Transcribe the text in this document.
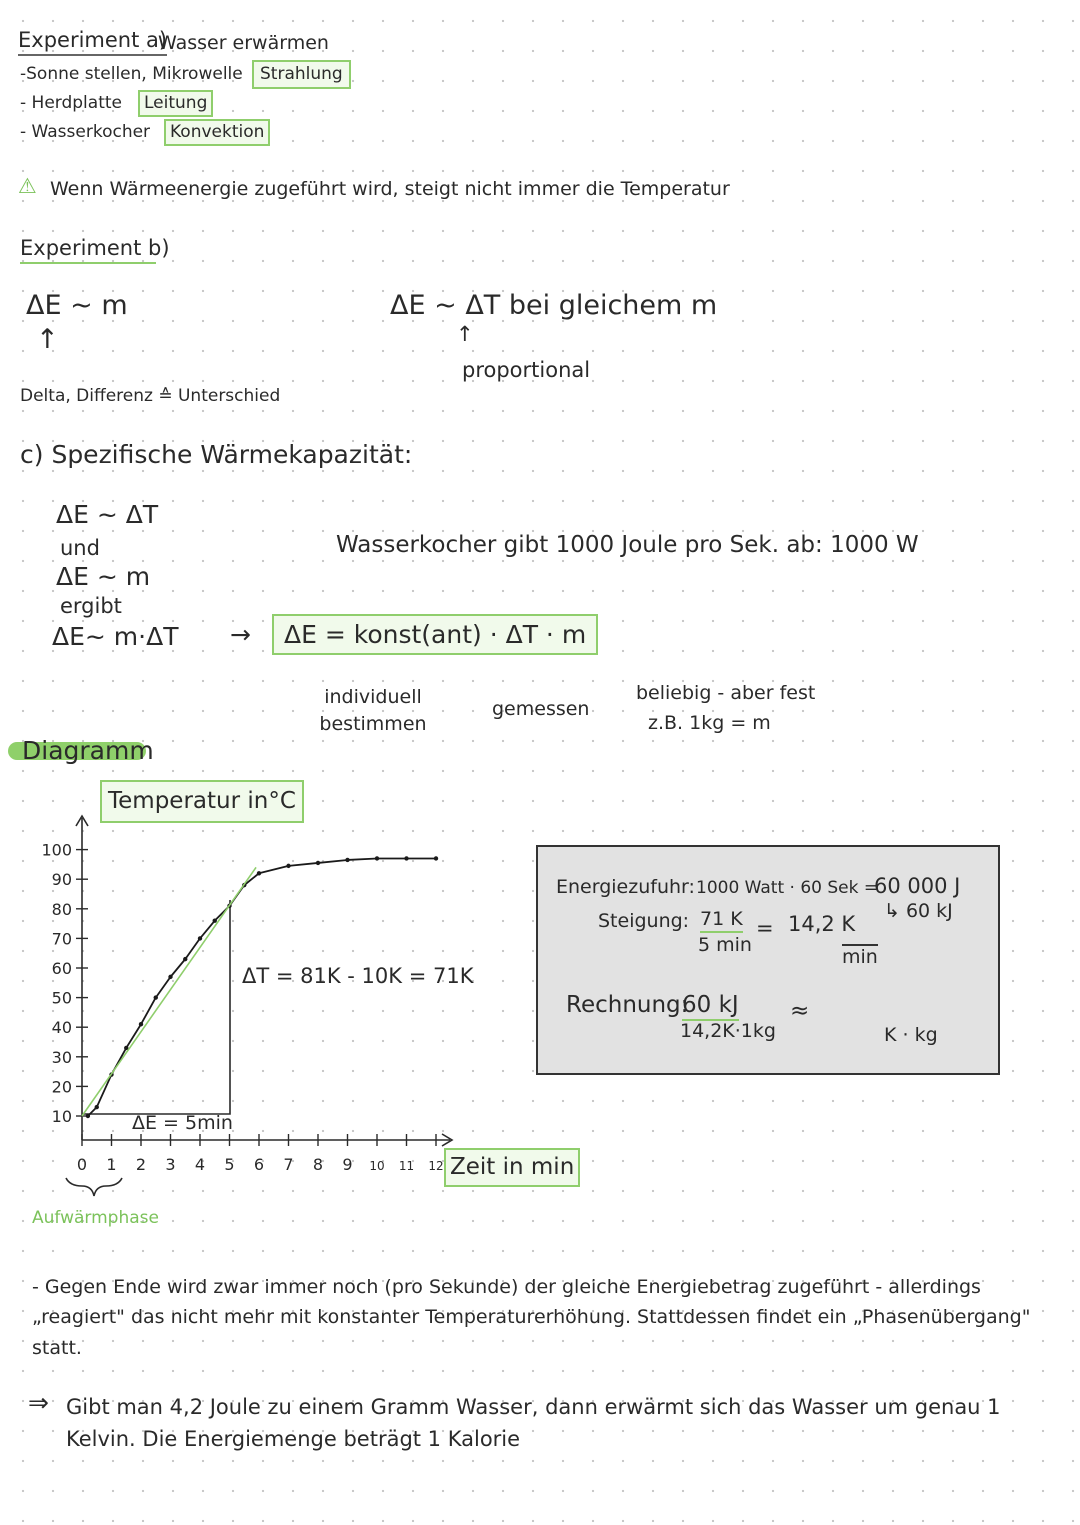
Experiment a)
Wasser erwärmen
-Sonne stellen, Mikrowelle	Strahlung
- Herdplatte	Leitung
- Wasserkocher	Konvektion
⚠ Wenn Wärmeenergie zugeführt wird, steigt nicht immer die Temperatur
Experiment b)
ΔE ~ m
↑
ΔE ~ ΔT bei gleichem m
↑
proportional
Delta, Differenz ≙ Unterschied
c) Spezifische Wärmekapazität:
ΔE ~ ΔT
und
ΔE ~ m
ergibt
ΔE~ m·ΔT →	ΔE = konst(ant) · ΔT · m
Wasserkocher gibt 1000 Joule pro Sek. ab: 1000 W
individuell bestimmen
gemessen
beliebig - aber fest
z.B. 1kg = m
Diagramm
Temperatur in°C
Zeit in min
ΔT = 81K - 10K = 71K
ΔE = 5min
Aufwärmphase
10
20
30
40
50
60
70
80
90
100
0 1 2 3 4 5 6 7 8 9 10 11 12
Energiezufuhr: 1000 Watt · 60 Sek =
60 000 J
↳ 60 kJ
Steigung: 71 K
5 min
= 14,2 K
min
Rechnung:
60 kJ
14,2K·1kg
≈
K · kg
- Gegen Ende wird zwar immer noch (pro Sekunde) der gleiche Energiebetrag zugeführt - allerdings „reagiert" das nicht mehr mit konstanter Temperaturerhöhung. Stattdessen findet ein „Phasenübergang" statt.
⇒ Gibt man 4,2 Joule zu einem Gramm Wasser, dann erwärmt sich das Wasser um genau 1 Kelvin. Die Energiemenge beträgt 1 Kalorie
